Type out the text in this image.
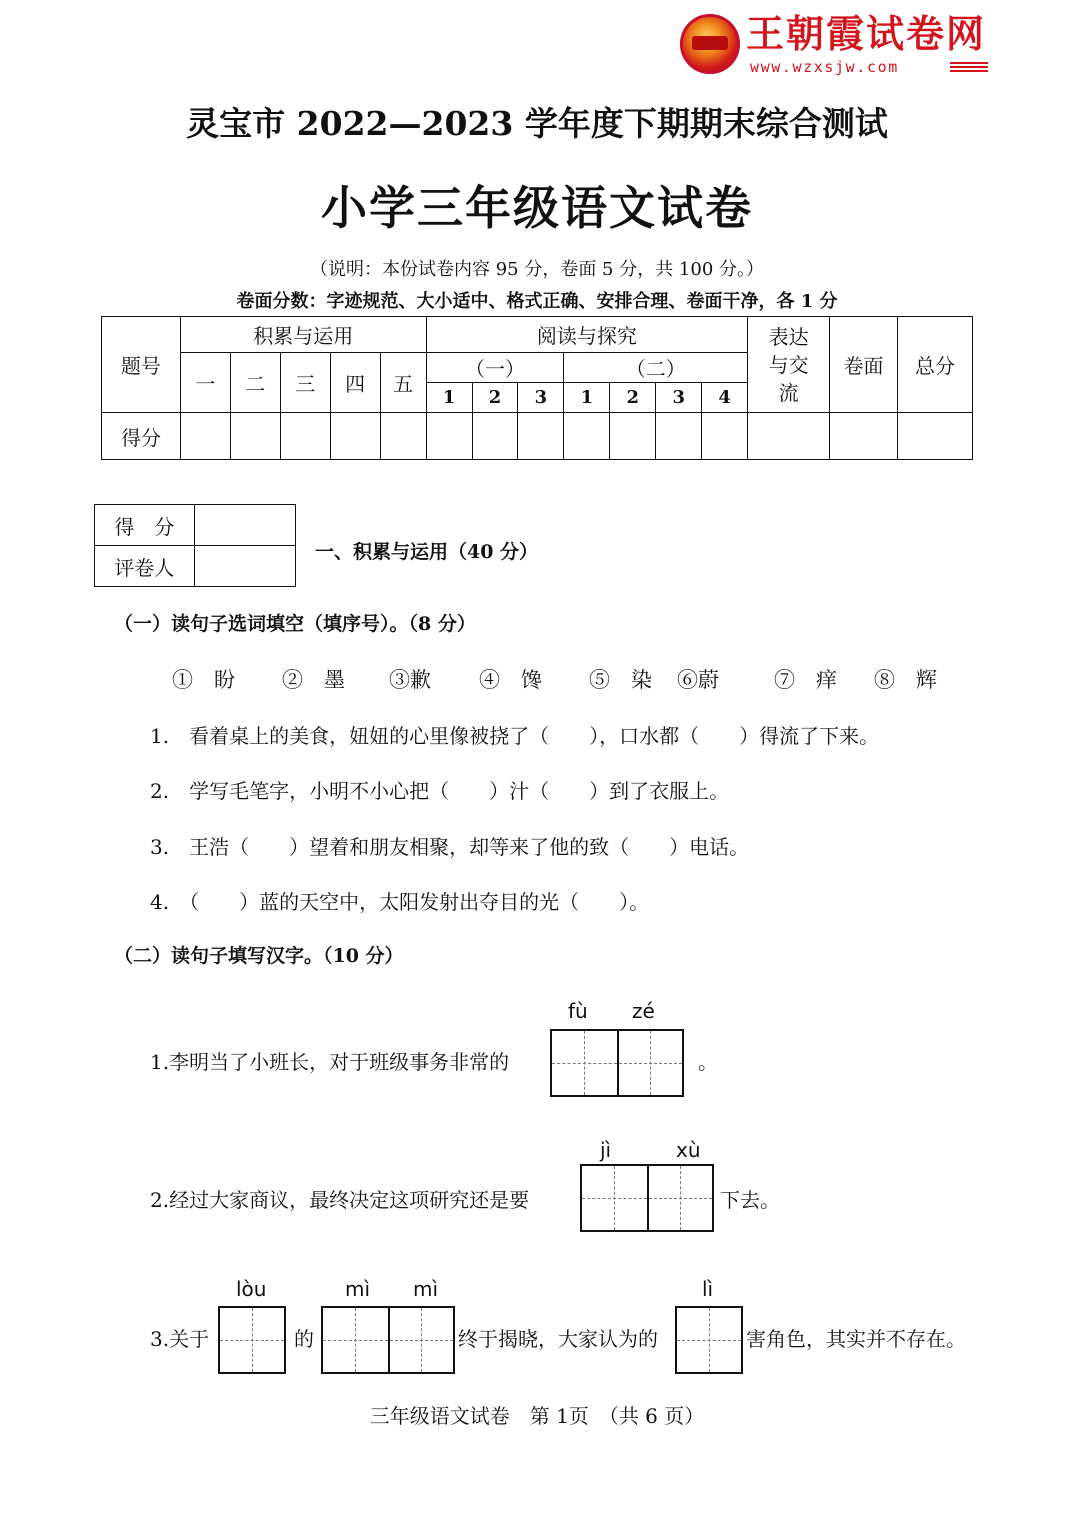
王朝霞试卷网
www.wzxsjw.com
灵宝市 2022—2023 学年度下期期末综合测试
小学三年级语文试卷
（说明：本份试卷内容 95 分，卷面 5 分，共 100 分。）
卷面分数：字迹规范、大小适中、格式正确、安排合理、卷面干净，各 1 分
题号	积累与运用					阅读与探究							表达与交流	卷面	总分
	一	二	三	四	五	（一）			（二）						
						1	2	3	1	2	3	4			
得分															
得　分	
评卷人	
一、积累与运用（40 分）
（一）读句子选词填空（填序号）。（8 分）
①　盼 ②　墨 ③歉 ④　馋 ⑤　染 ⑥蔚	⑦　痒 ⑧　辉
1.　看着桌上的美食，妞妞的心里像被挠了（　　），口水都（　　）得流了下来。
2.　学写毛笔字，小明不小心把（　　）汁（　　）到了衣服上。
3.　王浩（　　）望着和朋友相聚，却等来了他的致（　　）电话。
4.　（　　）蓝的天空中，太阳发射出夺目的光（　　）。
（二）读句子填写汉字。（10 分）
fù zé
1.李明当了小班长，对于班级事务非常的	。
jì	xù
2.经过大家商议，最终决定这项研究还是要	下去。
lòu	mì mì	lì
3.关于	的	终于揭晓，大家认为的	害角色，其实并不存在。
三年级语文试卷　第 1页　（共 6 页）
